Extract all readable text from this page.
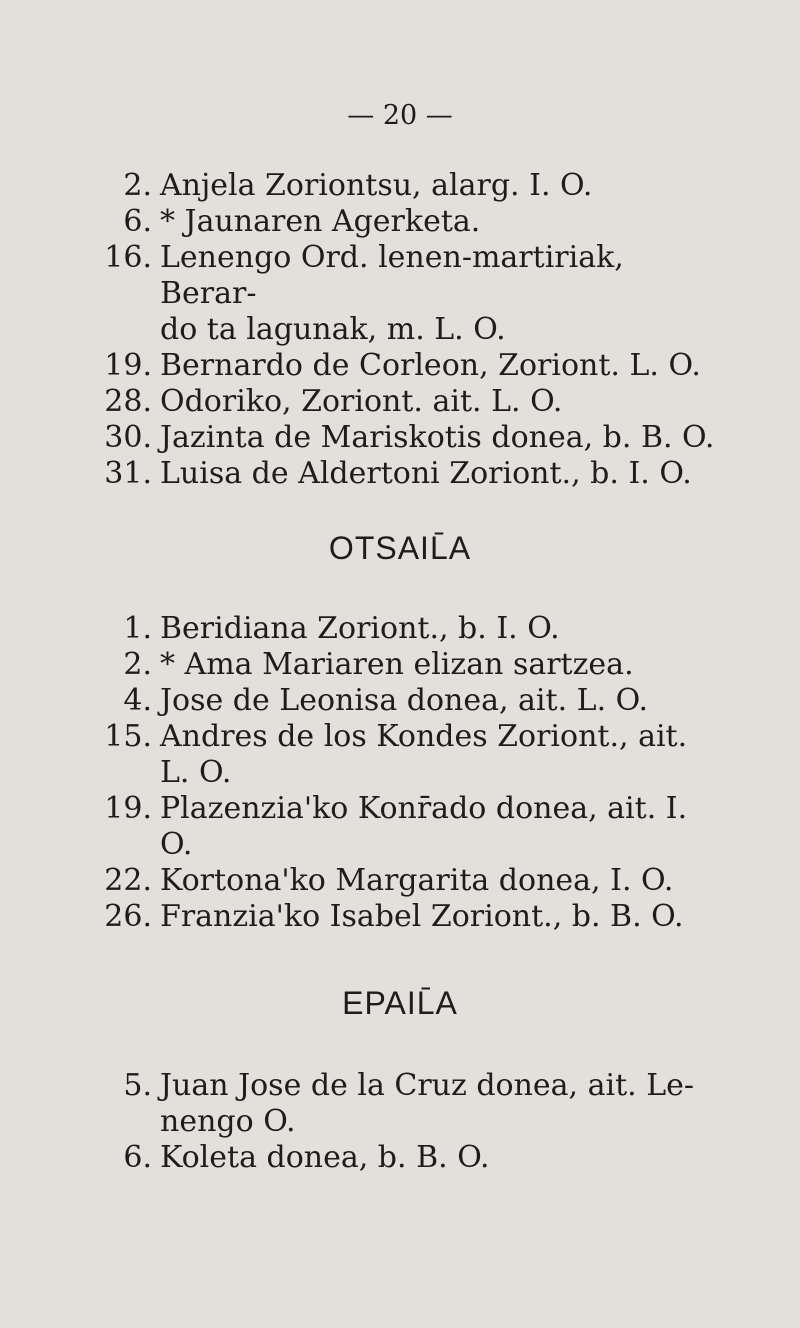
— 20 —
2. Anjela Zoriontsu, alarg. I. O.
6. * Jaunaren Agerketa.
16. Lenengo Ord. lenen-martiriak, Berar-
do ta lagunak, m. L. O.
19. Bernardo de Corleon, Zoriont. L. O.
28. Odoriko, Zoriont. ait. L. O.
30. Jazinta de Mariskotis donea, b. B. O.
31. Luisa de Aldertoni Zoriont., b. I. O.
OTSAIL̄A
1. Beridiana Zoriont., b. I. O.
2. * Ama Mariaren elizan sartzea.
4. Jose de Leonisa donea, ait. L. O.
15. Andres de los Kondes Zoriont., ait.
L. O.
19. Plazenzia'ko Konr̄ado donea, ait. I. O.
22. Kortona'ko Margarita donea, I. O.
26. Franzia'ko Isabel Zoriont., b. B. O.
EPAIL̄A
5. Juan Jose de la Cruz donea, ait. Le-
nengo O.
6. Koleta donea, b. B. O.
